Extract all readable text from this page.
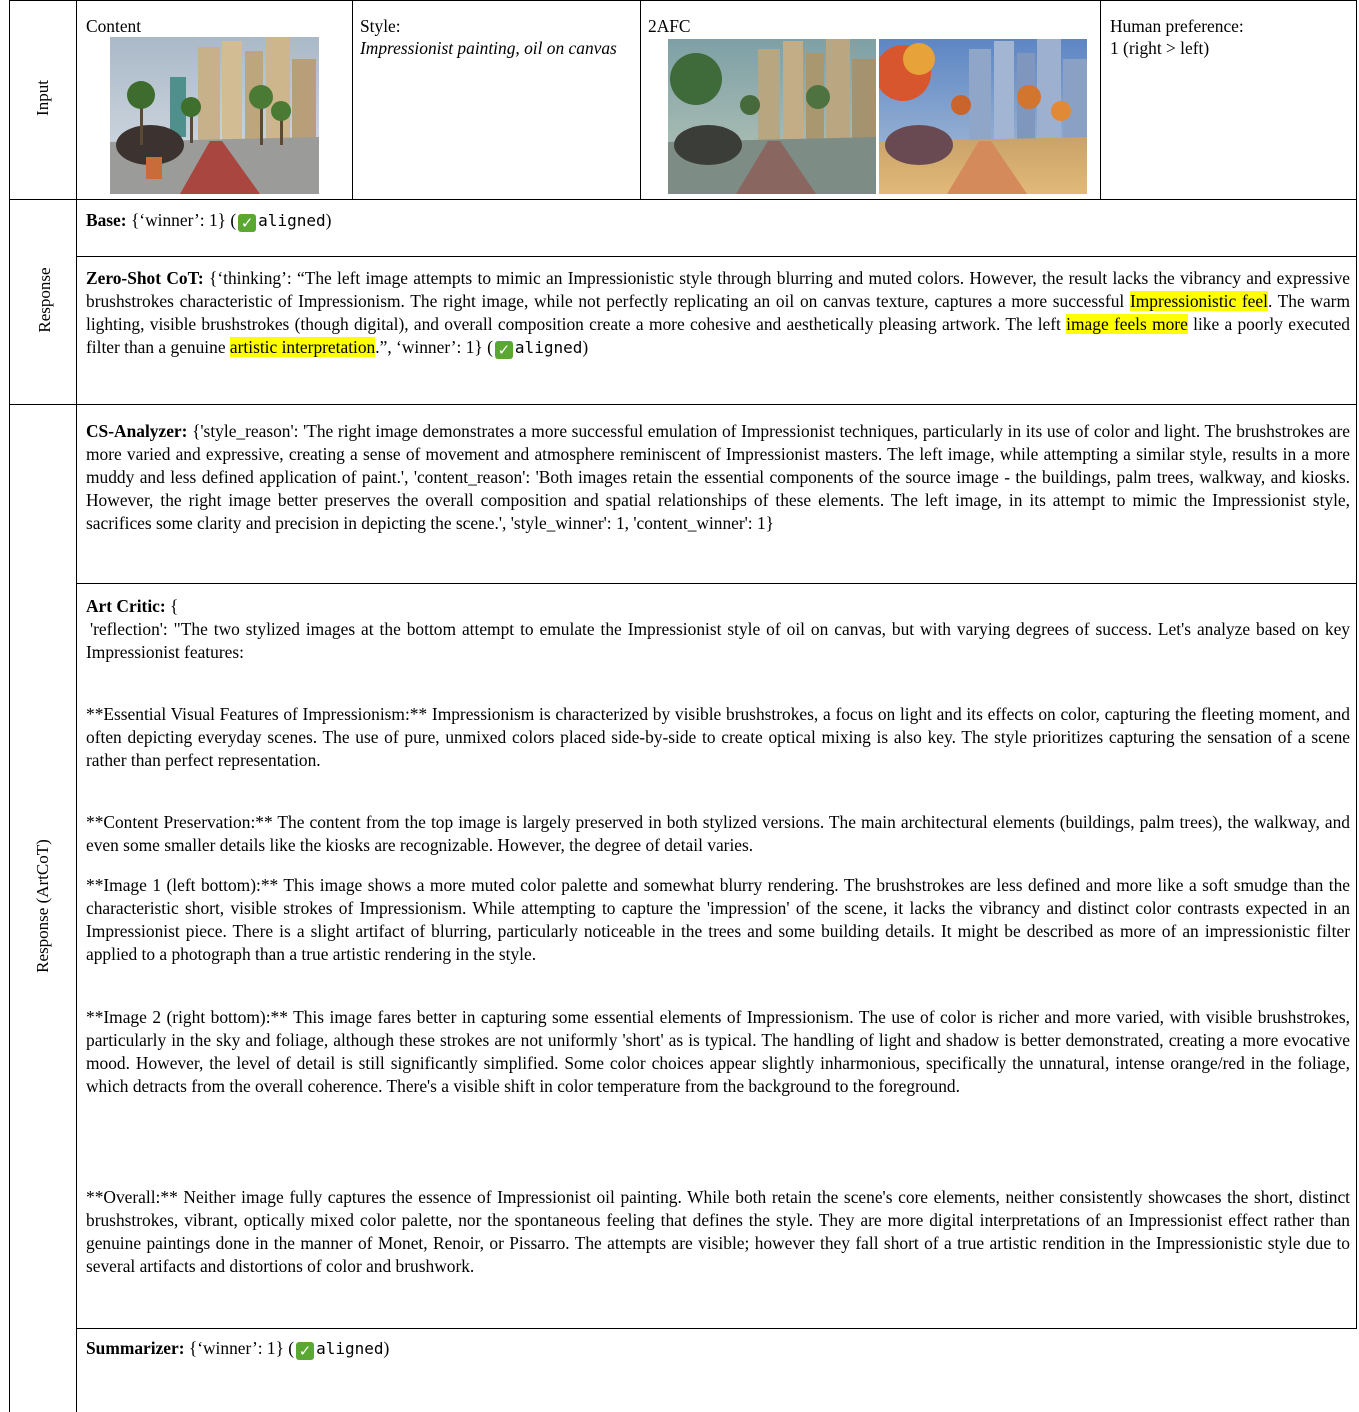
Input
Response
Response (ArtCoT)
Content	Style:
Impressionist painting, oil on canvas
2AFC	Human preference:
1 (right > left)
Base: {‘winner’: 1} ( ✓ aligned)
Zero-Shot CoT: {‘thinking’: “The left image attempts to mimic an Impressionistic style through blurring and muted colors. However, the result lacks the vibrancy and expressive brushstrokes characteristic of Impressionism. The right image, while not perfectly replicating an oil on canvas texture, captures a more successful Impressionistic feel. The warm lighting, visible brushstrokes (though digital), and overall composition create a more cohesive and aesthetically pleasing artwork. The left image feels more like a poorly executed filter than a genuine artistic interpretation.”, ‘winner’: 1} ( ✓ aligned)
CS-Analyzer: {'style_reason': 'The right image demonstrates a more successful emulation of Impressionist techniques, particularly in its use of color and light. The brushstrokes are more varied and expressive, creating a sense of movement and atmosphere reminiscent of Impressionist masters. The left image, while attempting a similar style, results in a more muddy and less defined application of paint.', 'content_reason': 'Both images retain the essential components of the source image - the buildings, palm trees, walkway, and kiosks. However, the right image better preserves the overall composition and spatial relationships of these elements. The left image, in its attempt to mimic the Impressionist style, sacrifices some clarity and precision in depicting the scene.', 'style_winner': 1, 'content_winner': 1}
Art Critic: {
'reflection': "The two stylized images at the bottom attempt to emulate the Impressionist style of oil on canvas, but with varying degrees of success. Let's analyze based on key Impressionist features:
**Essential Visual Features of Impressionism:** Impressionism is characterized by visible brushstrokes, a focus on light and its effects on color, capturing the fleeting moment, and often depicting everyday scenes. The use of pure, unmixed colors placed side-by-side to create optical mixing is also key. The style prioritizes capturing the sensation of a scene rather than perfect representation.
**Content Preservation:** The content from the top image is largely preserved in both stylized versions. The main architectural elements (buildings, palm trees), the walkway, and even some smaller details like the kiosks are recognizable. However, the degree of detail varies.
**Image 1 (left bottom):** This image shows a more muted color palette and somewhat blurry rendering. The brushstrokes are less defined and more like a soft smudge than the characteristic short, visible strokes of Impressionism. While attempting to capture the 'impression' of the scene, it lacks the vibrancy and distinct color contrasts expected in an Impressionist piece. There is a slight artifact of blurring, particularly noticeable in the trees and some building details. It might be described as more of an impressionistic filter applied to a photograph than a true artistic rendering in the style.
**Image 2 (right bottom):** This image fares better in capturing some essential elements of Impressionism. The use of color is richer and more varied, with visible brushstrokes, particularly in the sky and foliage, although these strokes are not uniformly 'short' as is typical. The handling of light and shadow is better demonstrated, creating a more evocative mood. However, the level of detail is still significantly simplified. Some color choices appear slightly inharmonious, specifically the unnatural, intense orange/red in the foliage, which detracts from the overall coherence. There's a visible shift in color temperature from the background to the foreground.
**Overall:** Neither image fully captures the essence of Impressionist oil painting. While both retain the scene's core elements, neither consistently showcases the short, distinct brushstrokes, vibrant, optically mixed color palette, nor the spontaneous feeling that defines the style. They are more digital interpretations of an Impressionist effect rather than genuine paintings done in the manner of Monet, Renoir, or Pissarro. The attempts are visible; however they fall short of a true artistic rendition in the Impressionistic style due to several artifacts and distortions of color and brushwork.
Summarizer: {‘winner’: 1} ( ✓ aligned)
